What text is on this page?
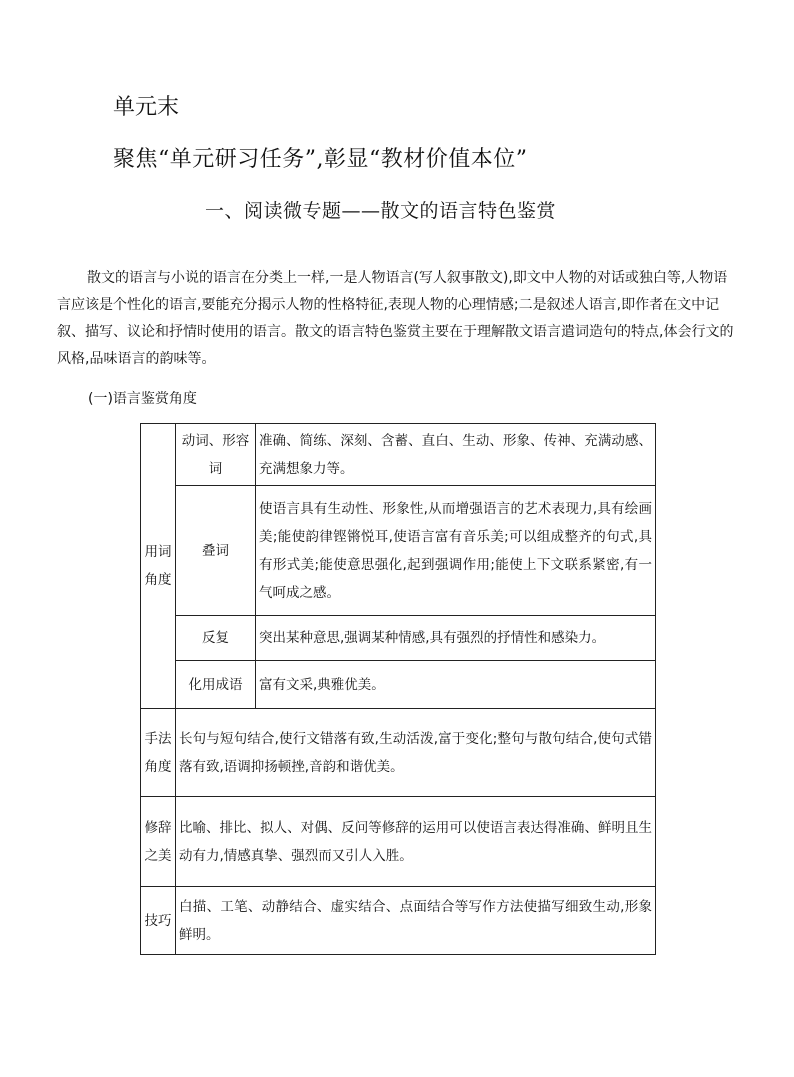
单元末
聚焦“单元研习任务”,彰显“教材价值本位”
一、阅读微专题——散文的语言特色鉴赏

散文的语言与小说的语言在分类上一样,一是人物语言(写人叙事散文),即文中人物的对话或独白等,人物语言应该是个性化的语言,要能充分揭示人物的性格特征,表现人物的心理情感;二是叙述人语言,即作者在文中记叙、描写、议论和抒情时使用的语言。散文的语言特色鉴赏主要在于理解散文语言遣词造句的特点,体会行文的风格,品味语言的韵味等。

(一)语言鉴赏角度
用词角度	动词、形容词	准确、简练、深刻、含蓄、直白、生动、形象、传神、充满动感、充满想象力等。
	叠词	使语言具有生动性、形象性,从而增强语言的艺术表现力,具有绘画美;能使韵律铿锵悦耳,使语言富有音乐美;可以组成整齐的句式,具有形式美;能使意思强化,起到强调作用;能使上下文联系紧密,有一气呵成之感。
	反复	突出某种意思,强调某种情感,具有强烈的抒情性和感染力。
	化用成语	富有文采,典雅优美。
手法角度	长句与短句结合,使行文错落有致,生动活泼,富于变化;整句与散句结合,使句式错落有致,语调抑扬顿挫,音韵和谐优美。	
修辞之美	比喻、排比、拟人、对偶、反问等修辞的运用可以使语言表达得准确、鲜明且生动有力,情感真挚、强烈而又引人入胜。	
技巧	白描、工笔、动静结合、虚实结合、点面结合等写作方法使描写细致生动,形象鲜明。	
